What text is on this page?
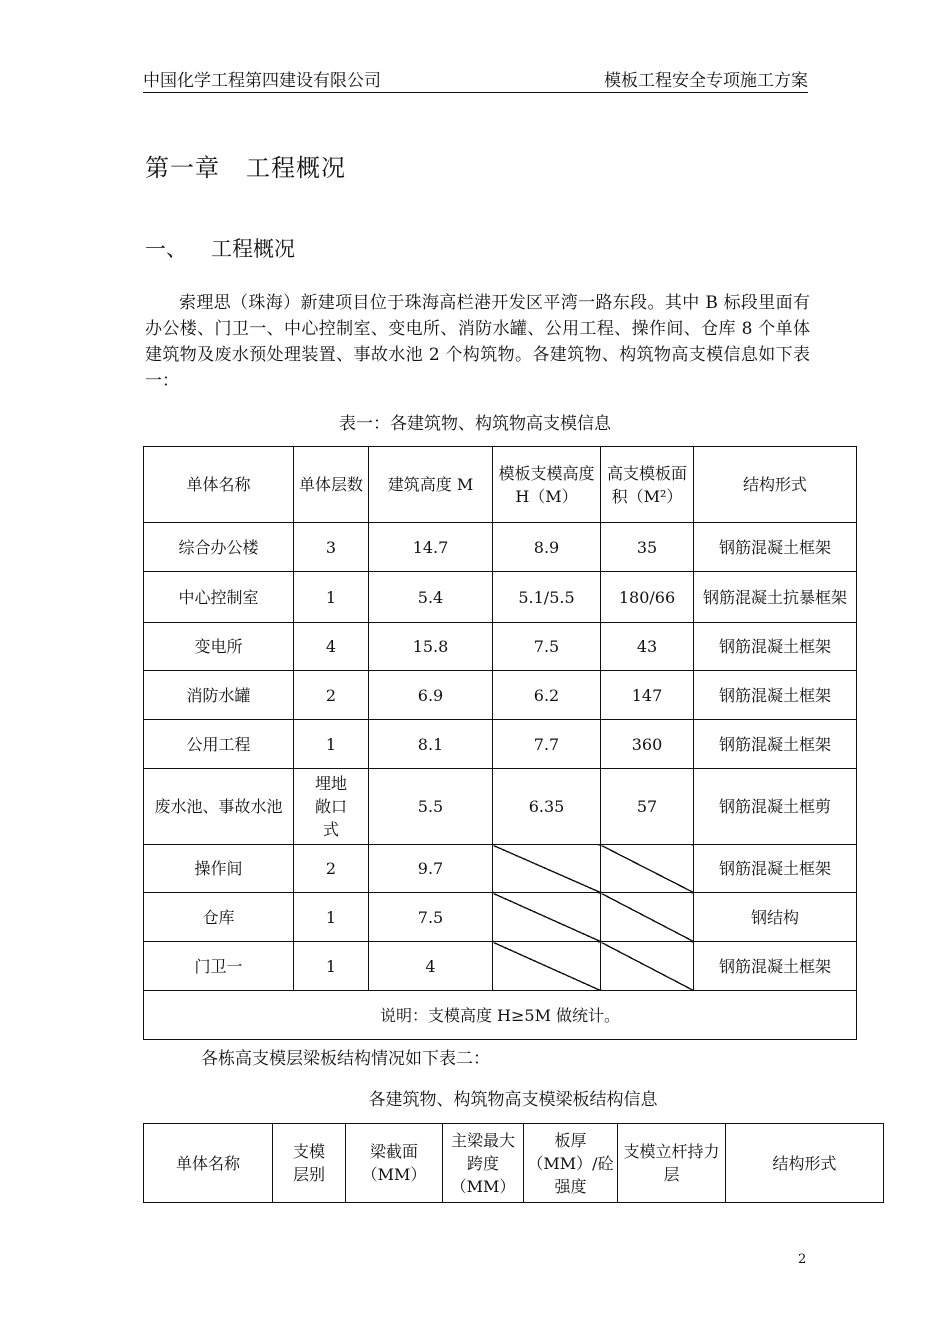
中国化学工程第四建设有限公司	模板工程安全专项施工方案
第一章 工程概况
一、 工程概况

索理思（珠海）新建项目位于珠海高栏港开发区平湾一路东段。其中 B 标段里面有办公楼、门卫一、中心控制室、变电所、消防水罐、公用工程、操作间、仓库 8 个单体建筑物及废水预处理装置、事故水池 2 个构筑物。各建筑物、构筑物高支模信息如下表一：

表一：各建筑物、构筑物高支模信息
单体名称	单体层数	建筑高度 M	模板支模高度 H（M）	高支模板面积（M²）	结构形式
综合办公楼	3	14.7	8.9	35	钢筋混凝土框架
中心控制室	1	5.4	5.1/5.5	180/66	钢筋混凝土抗暴框架
变电所	4	15.8	7.5	43	钢筋混凝土框架
消防水罐	2	6.9	6.2	147	钢筋混凝土框架
公用工程	1	8.1	7.7	360	钢筋混凝土框架
废水池、事故水池	埋地敞口式	5.5	6.35	57	钢筋混凝土框剪
操作间	2	9.7			钢筋混凝土框架
仓库	1	7.5			钢结构
门卫一	1	4			钢筋混凝土框架
说明：支模高度 H≥5M 做统计。					
各栋高支模层梁板结构情况如下表二：
各建筑物、构筑物高支模梁板结构信息
单体名称	支模层别	梁截面（MM）	主梁最大跨度（MM）	板厚（MM）/砼强度	支模立杆持力层	结构形式
2
